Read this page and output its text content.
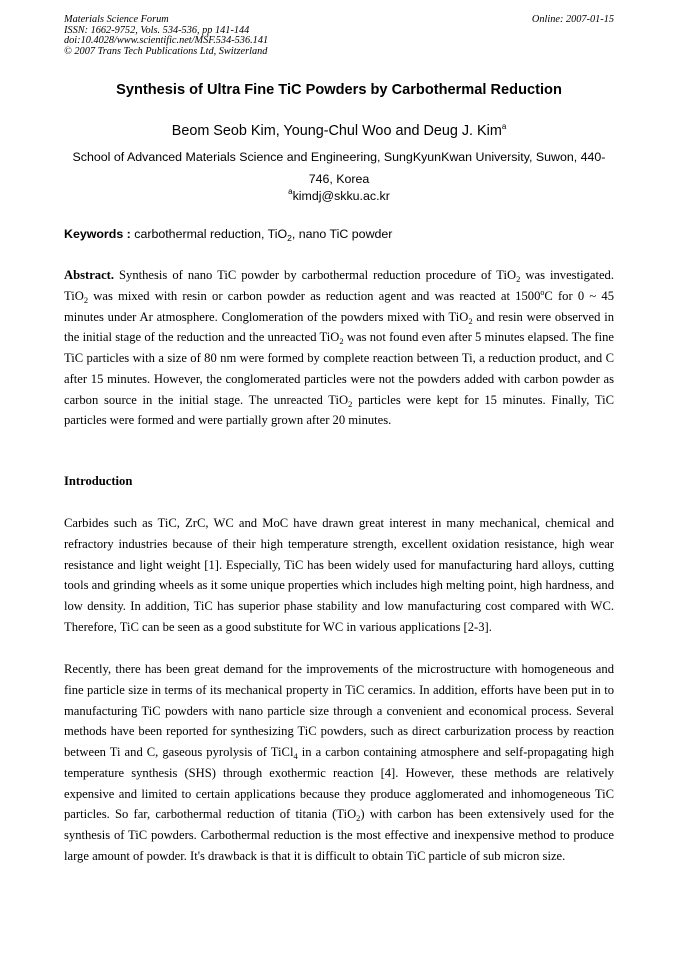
Materials Science Forum
ISSN: 1662-9752, Vols. 534-536, pp 141-144
doi:10.4028/www.scientific.net/MSF.534-536.141
© 2007 Trans Tech Publications Ltd, Switzerland
Online: 2007-01-15
Synthesis of Ultra Fine TiC Powders by Carbothermal Reduction
Beom Seob Kim, Young-Chul Woo and Deug J. Kim$^a$
School of Advanced Materials Science and Engineering, SungKyunKwan University, Suwon, 440-746, Korea
$^a$kimdj@skku.ac.kr
Keywords : carbothermal reduction, TiO$_2$, nano TiC powder
Abstract. Synthesis of nano TiC powder by carbothermal reduction procedure of TiO$_2$ was investigated. TiO$_2$ was mixed with resin or carbon powder as reduction agent and was reacted at 1500$^o$C for 0 ~ 45 minutes under Ar atmosphere. Conglomeration of the powders mixed with TiO$_2$ and resin were observed in the initial stage of the reduction and the unreacted TiO$_2$ was not found even after 5 minutes elapsed. The fine TiC particles with a size of 80 nm were formed by complete reaction between Ti, a reduction product, and C after 15 minutes. However, the conglomerated particles were not the powders added with carbon powder as carbon source in the initial stage. The unreacted TiO$_2$ particles were kept for 15 minutes. Finally, TiC particles were formed and were partially grown after 20 minutes.
Introduction
Carbides such as TiC, ZrC, WC and MoC have drawn great interest in many mechanical, chemical and refractory industries because of their high temperature strength, excellent oxidation resistance, high wear resistance and light weight [1]. Especially, TiC has been widely used for manufacturing hard alloys, cutting tools and grinding wheels as it some unique properties which includes high melting point, high hardness, and low density. In addition, TiC has superior phase stability and low manufacturing cost compared with WC. Therefore, TiC can be seen as a good substitute for WC in various applications [2-3].
Recently, there has been great demand for the improvements of the microstructure with homogeneous and fine particle size in terms of its mechanical property in TiC ceramics. In addition, efforts have been put in to manufacturing TiC powders with nano particle size through a convenient and economical process. Several methods have been reported for synthesizing TiC powders, such as direct carburization process by reaction between Ti and C, gaseous pyrolysis of TiCl$_4$ in a carbon containing atmosphere and self-propagating high temperature synthesis (SHS) through exothermic reaction [4]. However, these methods are relatively expensive and limited to certain applications because they produce agglomerated and inhomogeneous TiC particles. So far, carbothermal reduction of titania (TiO$_2$) with carbon has been extensively used for the synthesis of TiC powders. Carbothermal reduction is the most effective and inexpensive method to produce large amount of powder. It's drawback is that it is difficult to obtain TiC particle of sub micron size.
